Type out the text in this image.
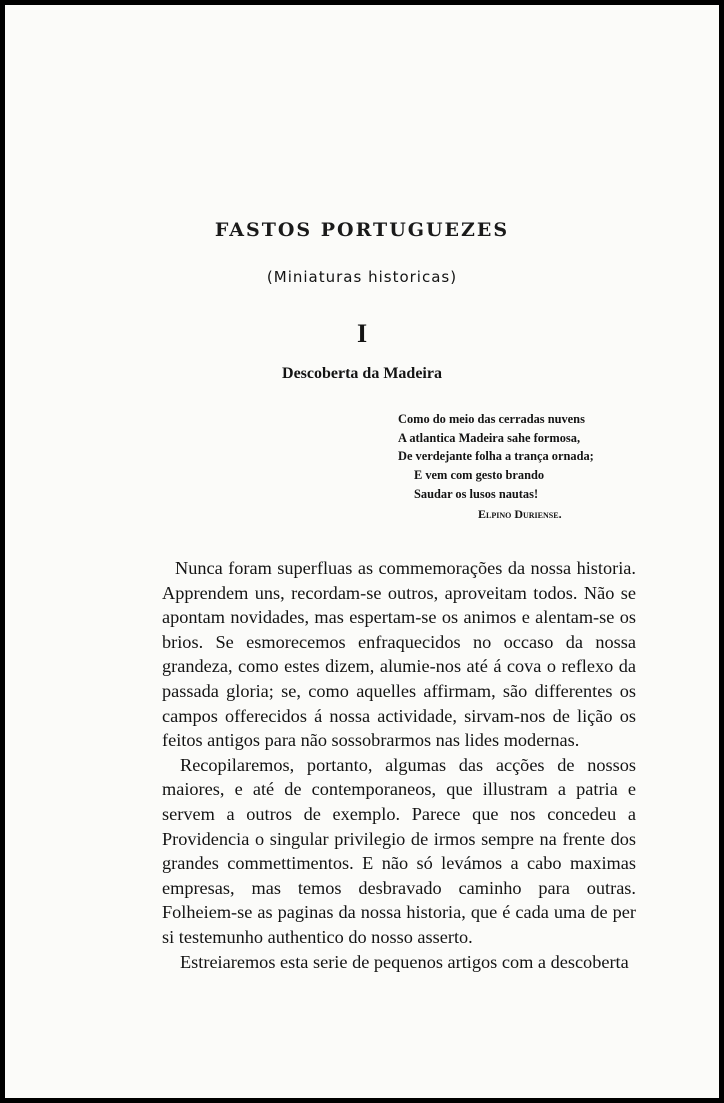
FASTOS PORTUGUEZES
(Miniaturas historicas)
I
Descoberta da Madeira
Como do meio das cerradas nuvens
A atlantica Madeira sahe formosa,
De verdejante folha a trança ornada;
E vem com gesto brando
Saudar os lusos nautas!
Elpino Duriense.

Nunca foram superfluas as commemorações da nossa historia. Apprendem uns, recordam-se outros, aproveitam todos. Não se apontam novidades, mas espertam-se os animos e alentam-se os brios. Se esmorecemos enfraquecidos no occaso da nossa grandeza, como estes dizem, alumie-nos até á cova o reflexo da passada gloria; se, como aquelles affirmam, são differentes os campos offerecidos á nossa actividade, sirvam-nos de lição os feitos antigos para não sossobrarmos nas lides modernas.

Recopilaremos, portanto, algumas das acções de nossos maiores, e até de contemporaneos, que illustram a patria e servem a outros de exemplo. Parece que nos concedeu a Providencia o singular privilegio de irmos sempre na frente dos grandes commettimentos. E não só levámos a cabo maximas empresas, mas temos desbravado caminho para outras. Folheiem-se as paginas da nossa historia, que é cada uma de per si testemunho authentico do nosso asserto.

Estreiaremos esta serie de pequenos artigos com a descoberta
